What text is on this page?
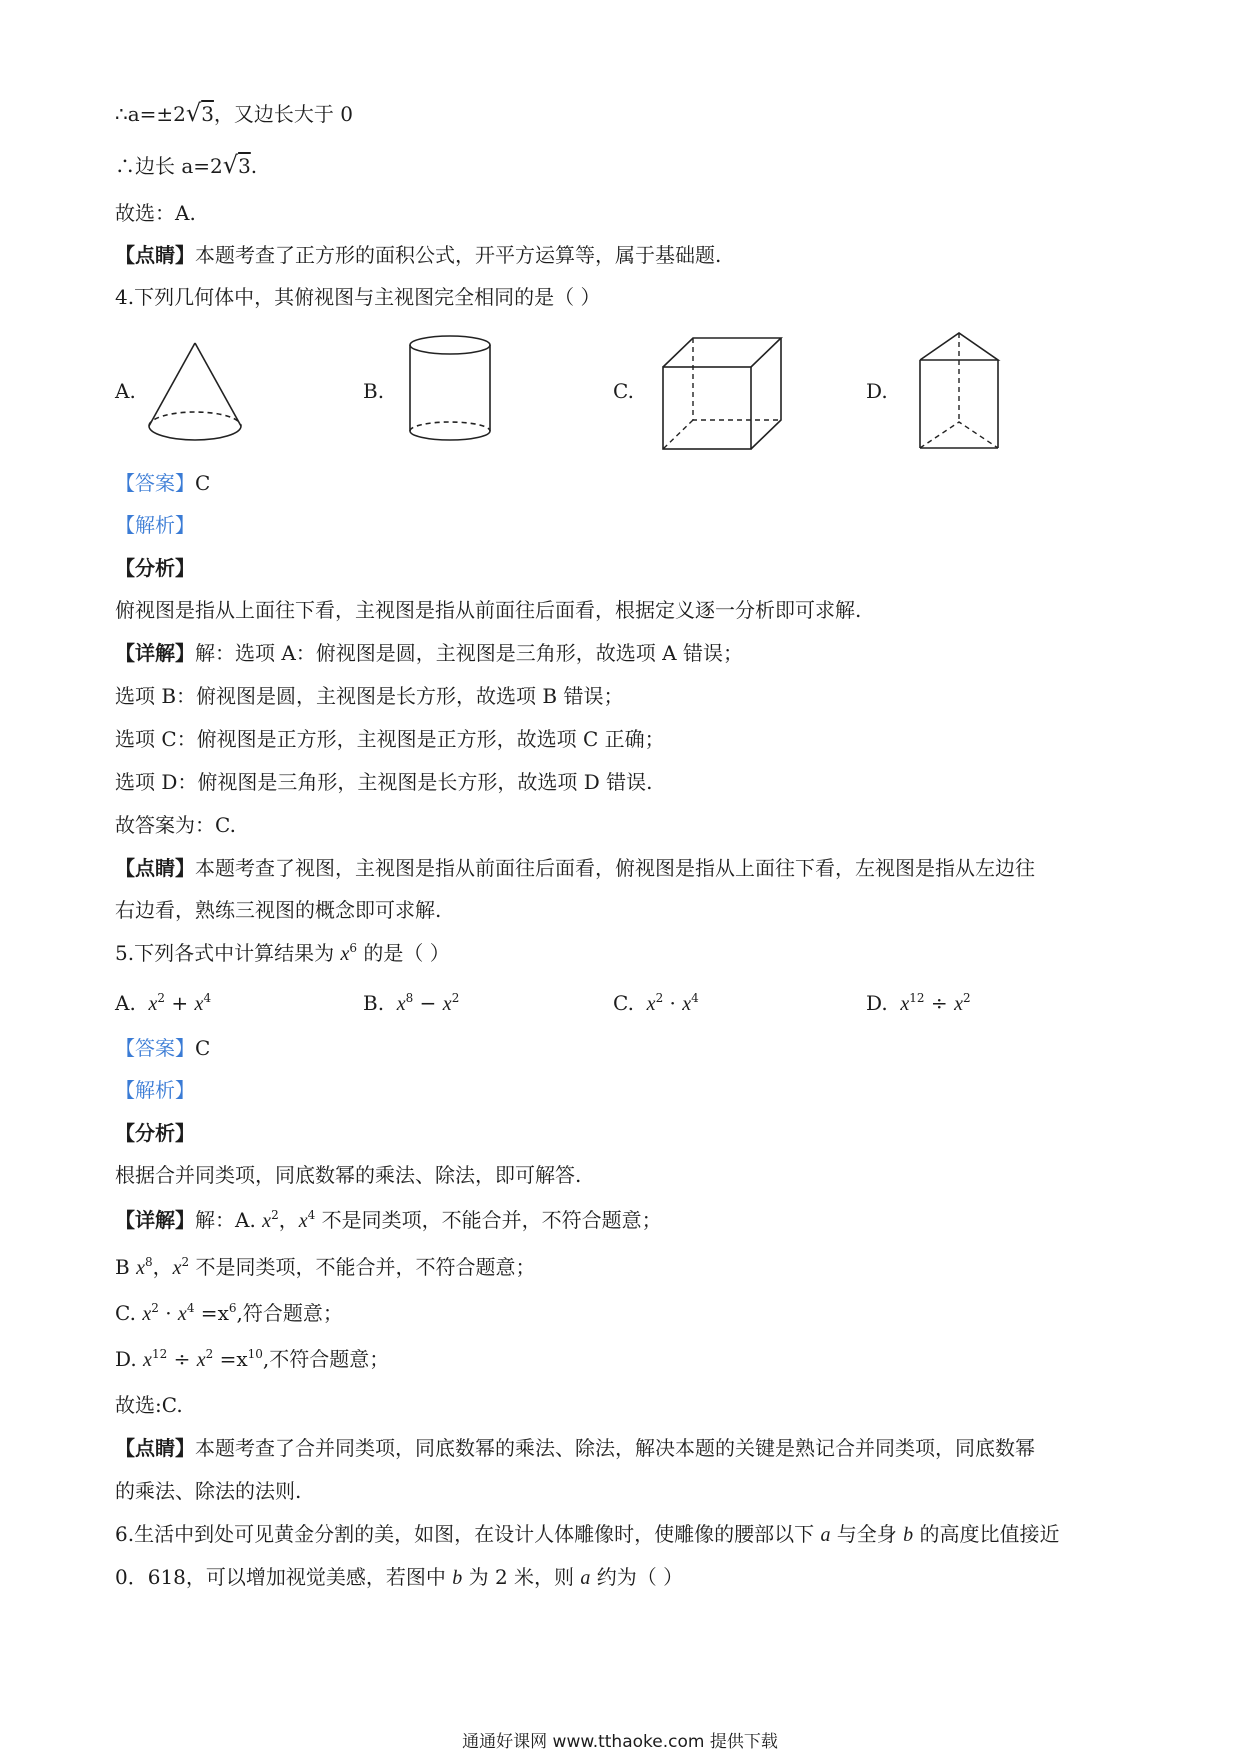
∴a=±2√3，又边长大于 0
∴边长 a=2√3.
故选：A.
【点睛】本题考查了正方形的面积公式，开平方运算等，属于基础题.
4.下列几何体中，其俯视图与主视图完全相同的是（ ）
A.	B.	C.	D.
【答案】C
【解析】
【分析】
俯视图是指从上面往下看，主视图是指从前面往后面看，根据定义逐一分析即可求解.
【详解】解：选项 A：俯视图是圆，主视图是三角形，故选项 A 错误；
选项 B：俯视图是圆，主视图是长方形，故选项 B 错误；
选项 C：俯视图是正方形，主视图是正方形，故选项 C 正确；
选项 D：俯视图是三角形，主视图是长方形，故选项 D 错误.
故答案为：C.
【点睛】本题考查了视图，主视图是指从前面往后面看，俯视图是指从上面往下看，左视图是指从左边往
右边看，熟练三视图的概念即可求解.
5.下列各式中计算结果为 $x^6$ 的是（ ）
A. $x^2 + x^4$	B. $x^8 - x^2$	C. $x^2 \cdot x^4$	D. $x^{12} \div x^2$
【答案】C
【解析】
【分析】
根据合并同类项，同底数幂的乘法、除法，即可解答.
【详解】解：A. $x^2$，$x^4$ 不是同类项，不能合并，不符合题意；
B $x^8$，$x^2$ 不是同类项，不能合并，不符合题意；
C. $x^2 \cdot x^4 =x^6$,符合题意；
D. $x^{12} \div x^2 =x^{10}$,不符合题意；
故选:C.
【点睛】本题考查了合并同类项，同底数幂的乘法、除法，解决本题的关键是熟记合并同类项，同底数幂
的乘法、除法的法则.
6.生活中到处可见黄金分割的美，如图，在设计人体雕像时，使雕像的腰部以下 a 与全身 b 的高度比值接近
0．618，可以增加视觉美感，若图中 b 为 2 米，则 a 约为（ ）
通通好课网 www.tthaoke.com 提供下载
